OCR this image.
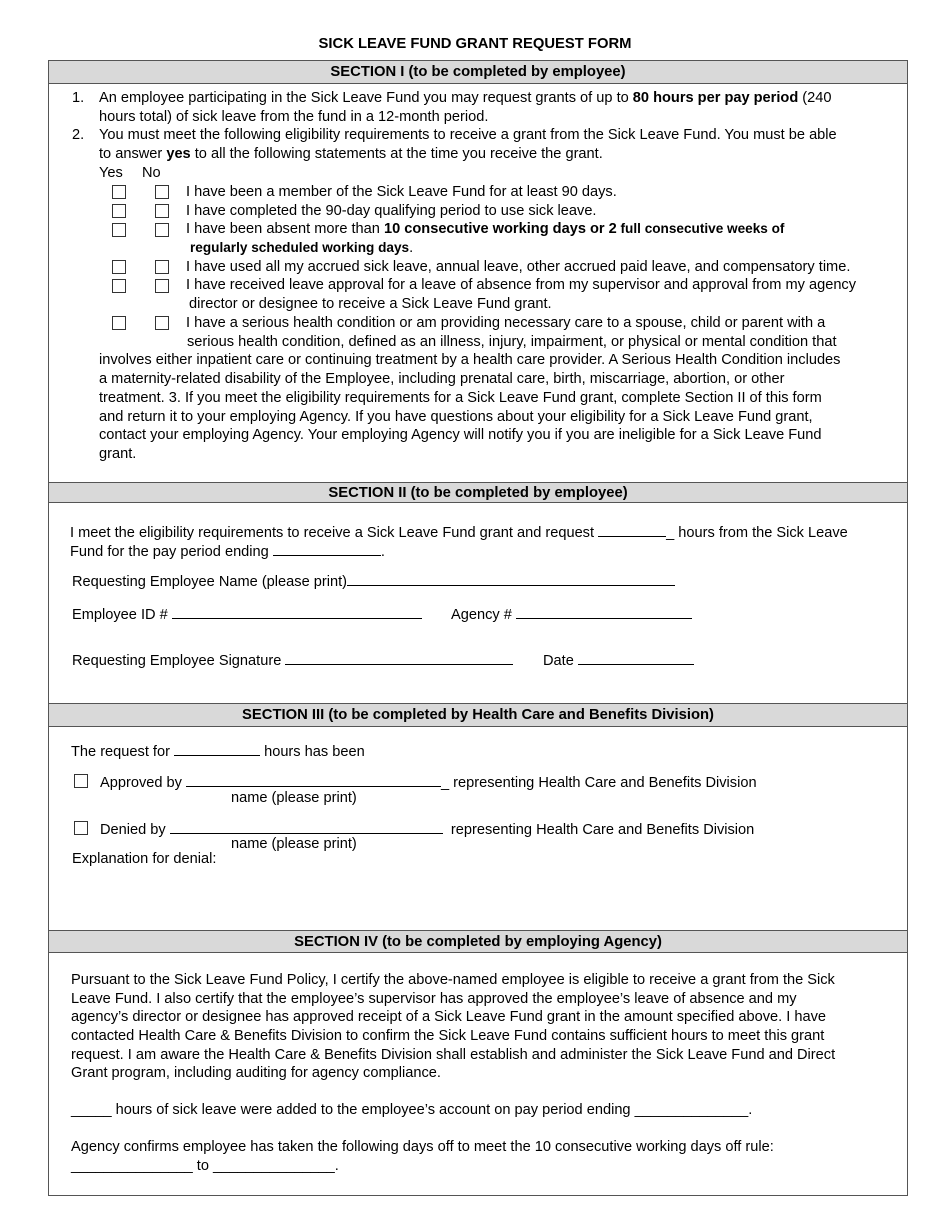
SICK LEAVE FUND GRANT REQUEST FORM
SECTION I (to be completed by employee)
1. An employee participating in the Sick Leave Fund you may request grants of up to 80 hours per pay period (240
hours total) of sick leave from the fund in a 12-month period.
2. You must meet the following eligibility requirements to receive a grant from the Sick Leave Fund. You must be able
to answer yes to all the following statements at the time you receive the grant.
Yes No
I have been a member of the Sick Leave Fund for at least 90 days.
I have completed the 90-day qualifying period to use sick leave.
I have been absent more than 10 consecutive working days or 2 full consecutive weeks of
regularly scheduled working days.
I have used all my accrued sick leave, annual leave, other accrued paid leave, and compensatory time.
I have received leave approval for a leave of absence from my supervisor and approval from my agency
director or designee to receive a Sick Leave Fund grant.
I have a serious health condition or am providing necessary care to a spouse, child or parent with a
serious health condition, defined as an illness, injury, impairment, or physical or mental condition that
involves either inpatient care or continuing treatment by a health care provider. A Serious Health Condition includes
a maternity-related disability of the Employee, including prenatal care, birth, miscarriage, abortion, or other
treatment. 3. If you meet the eligibility requirements for a Sick Leave Fund grant, complete Section II of this form
and return it to your employing Agency. If you have questions about your eligibility for a Sick Leave Fund grant,
contact your employing Agency. Your employing Agency will notify you if you are ineligible for a Sick Leave Fund
grant.
SECTION II (to be completed by employee)
I meet the eligibility requirements to receive a Sick Leave Fund grant and request	_ hours from the Sick Leave
Fund for the pay period ending	.
Requesting Employee Name (please print)
Employee ID #	Agency #
Requesting Employee Signature	Date
SECTION III (to be completed by Health Care and Benefits Division)
The request for	hours has been
Approved by	_ representing Health Care and Benefits Division
name (please print)
Denied by	representing Health Care and Benefits Division
name (please print)
Explanation for denial:
SECTION IV (to be completed by employing Agency)
Pursuant to the Sick Leave Fund Policy, I certify the above-named employee is eligible to receive a grant from the Sick
Leave Fund. I also certify that the employee’s supervisor has approved the employee’s leave of absence and my
agency’s director or designee has approved receipt of a Sick Leave Fund grant in the amount specified above. I have
contacted Health Care & Benefits Division to confirm the Sick Leave Fund contains sufficient hours to meet this grant
request. I am aware the Health Care & Benefits Division shall establish and administer the Sick Leave Fund and Direct
Grant program, including auditing for agency compliance.
_____ hours of sick leave were added to the employee’s account on pay period ending ______________.
Agency confirms employee has taken the following days off to meet the 10 consecutive working days off rule:
_______________ to _______________.
